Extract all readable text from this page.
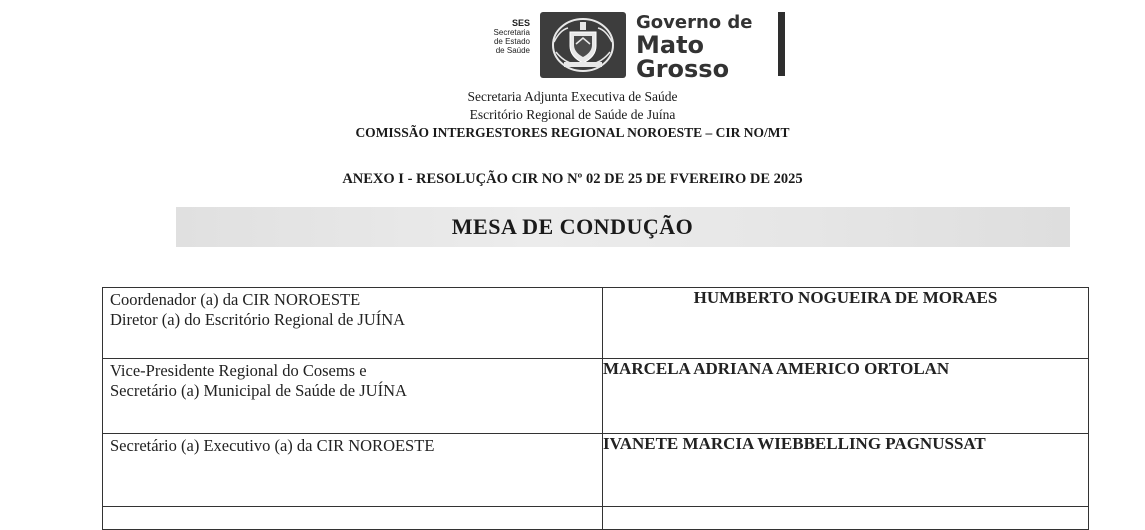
SES
Secretaria
de Estado
de Saúde
Governo de
Mato
Grosso
Secretaria Adjunta Executiva de Saúde
Escritório Regional de Saúde de Juína
COMISSÃO INTERGESTORES REGIONAL NOROESTE – CIR NO/MT
ANEXO I - RESOLUÇÃO CIR NO Nº 02 DE 25 DE FVEREIRO DE 2025
MESA DE CONDUÇÃO
Coordenador (a) da CIR NOROESTE
Diretor (a) do Escritório Regional de JUÍNA	HUMBERTO NOGUEIRA DE MORAES

Vice-Presidente Regional do Cosems e
Secretário (a) Municipal de Saúde de JUÍNA	MARCELA ADRIANA AMERICO ORTOLAN

Secretário (a) Executivo (a) da CIR NOROESTE	IVANETE MARCIA WIEBBELLING PAGNUSSAT
